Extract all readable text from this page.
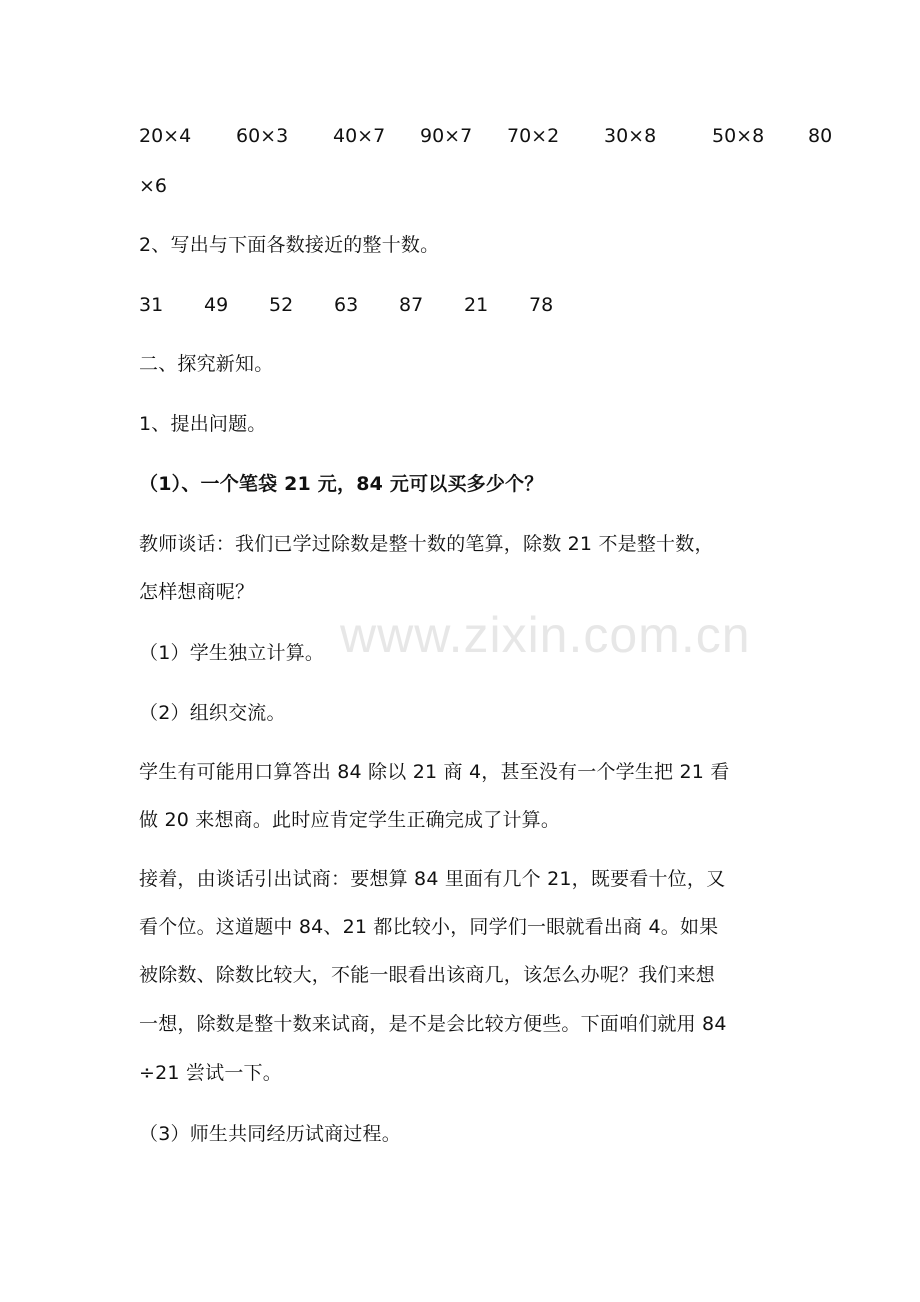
20×4 60×3 40×7 90×7 70×2 30×8	50×8 80
×6
2、写出与下面各数接近的整十数。
31 49 52 63 87 21 78
二、探究新知。
1、提出问题。
（1）、一个笔袋 21 元，84 元可以买多少个？
教师谈话：我们已学过除数是整十数的笔算，除数 21 不是整十数，
怎样想商呢？
（1）学生独立计算。
（2）组织交流。
学生有可能用口算答出 84 除以 21 商 4，甚至没有一个学生把 21 看
做 20 来想商。此时应肯定学生正确完成了计算。
接着，由谈话引出试商：要想算 84 里面有几个 21，既要看十位，又
看个位。这道题中 84、21 都比较小，同学们一眼就看出商 4。如果
被除数、除数比较大，不能一眼看出该商几，该怎么办呢？我们来想
一想，除数是整十数来试商，是不是会比较方便些。下面咱们就用 84
÷21 尝试一下。
（3）师生共同经历试商过程。
www.zixin.com.cn
